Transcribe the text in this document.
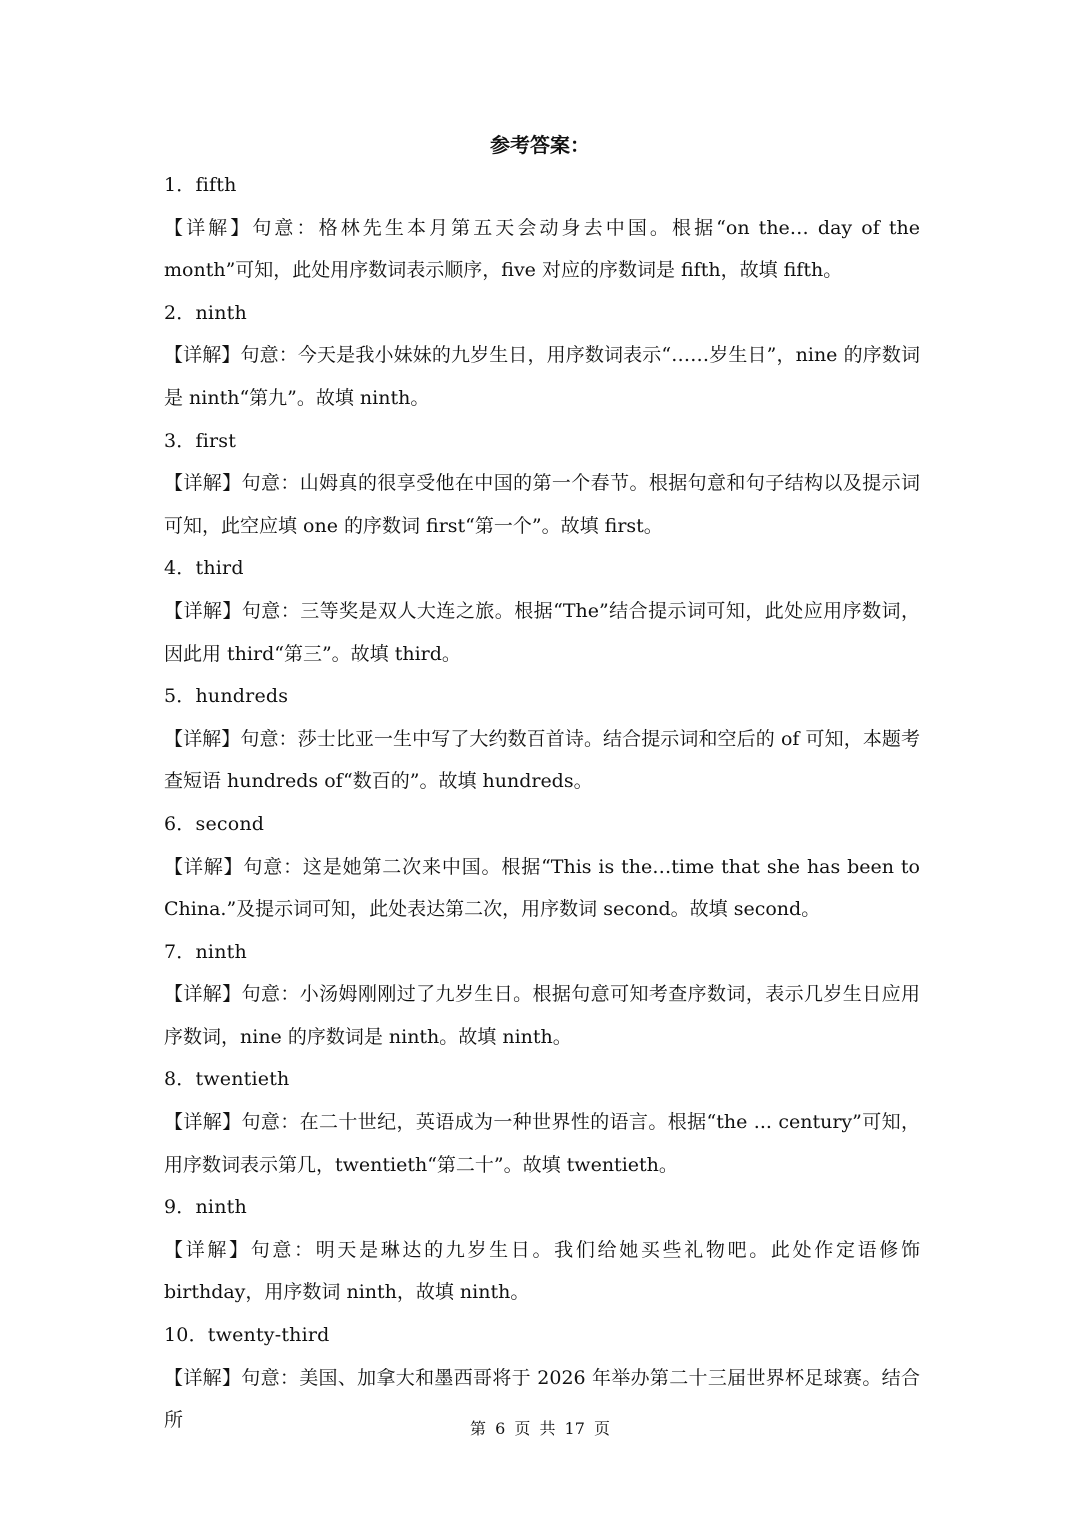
参考答案：

1．fifth

【详解】句意：格林先生本月第五天会动身去中国。根据“on the… day of the month”可知，此处用序数词表示顺序，five 对应的序数词是 fifth，故填 fifth。

2．ninth

【详解】句意：今天是我小妹妹的九岁生日，用序数词表示“……岁生日”，nine 的序数词是 ninth“第九”。故填 ninth。

3．first

【详解】句意：山姆真的很享受他在中国的第一个春节。根据句意和句子结构以及提示词可知，此空应填 one 的序数词 first“第一个”。故填 first。

4．third

【详解】句意：三等奖是双人大连之旅。根据“The”结合提示词可知，此处应用序数词，因此用 third“第三”。故填 third。

5．hundreds

【详解】句意：莎士比亚一生中写了大约数百首诗。结合提示词和空后的 of 可知，本题考查短语 hundreds of“数百的”。故填 hundreds。

6．second

【详解】句意：这是她第二次来中国。根据“This is the…time that she has been to China.”及提示词可知，此处表达第二次，用序数词 second。故填 second。

7．ninth

【详解】句意：小汤姆刚刚过了九岁生日。根据句意可知考查序数词，表示几岁生日应用序数词，nine 的序数词是 ninth。故填 ninth。

8．twentieth

【详解】句意：在二十世纪，英语成为一种世界性的语言。根据“the ... century”可知，用序数词表示第几，twentieth“第二十”。故填 twentieth。

9．ninth

【详解】句意：明天是琳达的九岁生日。我们给她买些礼物吧。此处作定语修饰 birthday，用序数词 ninth，故填 ninth。

10．twenty-third

【详解】句意：美国、加拿大和墨西哥将于 2026 年举办第二十三届世界杯足球赛。结合所	第 6 页 共 17 页
